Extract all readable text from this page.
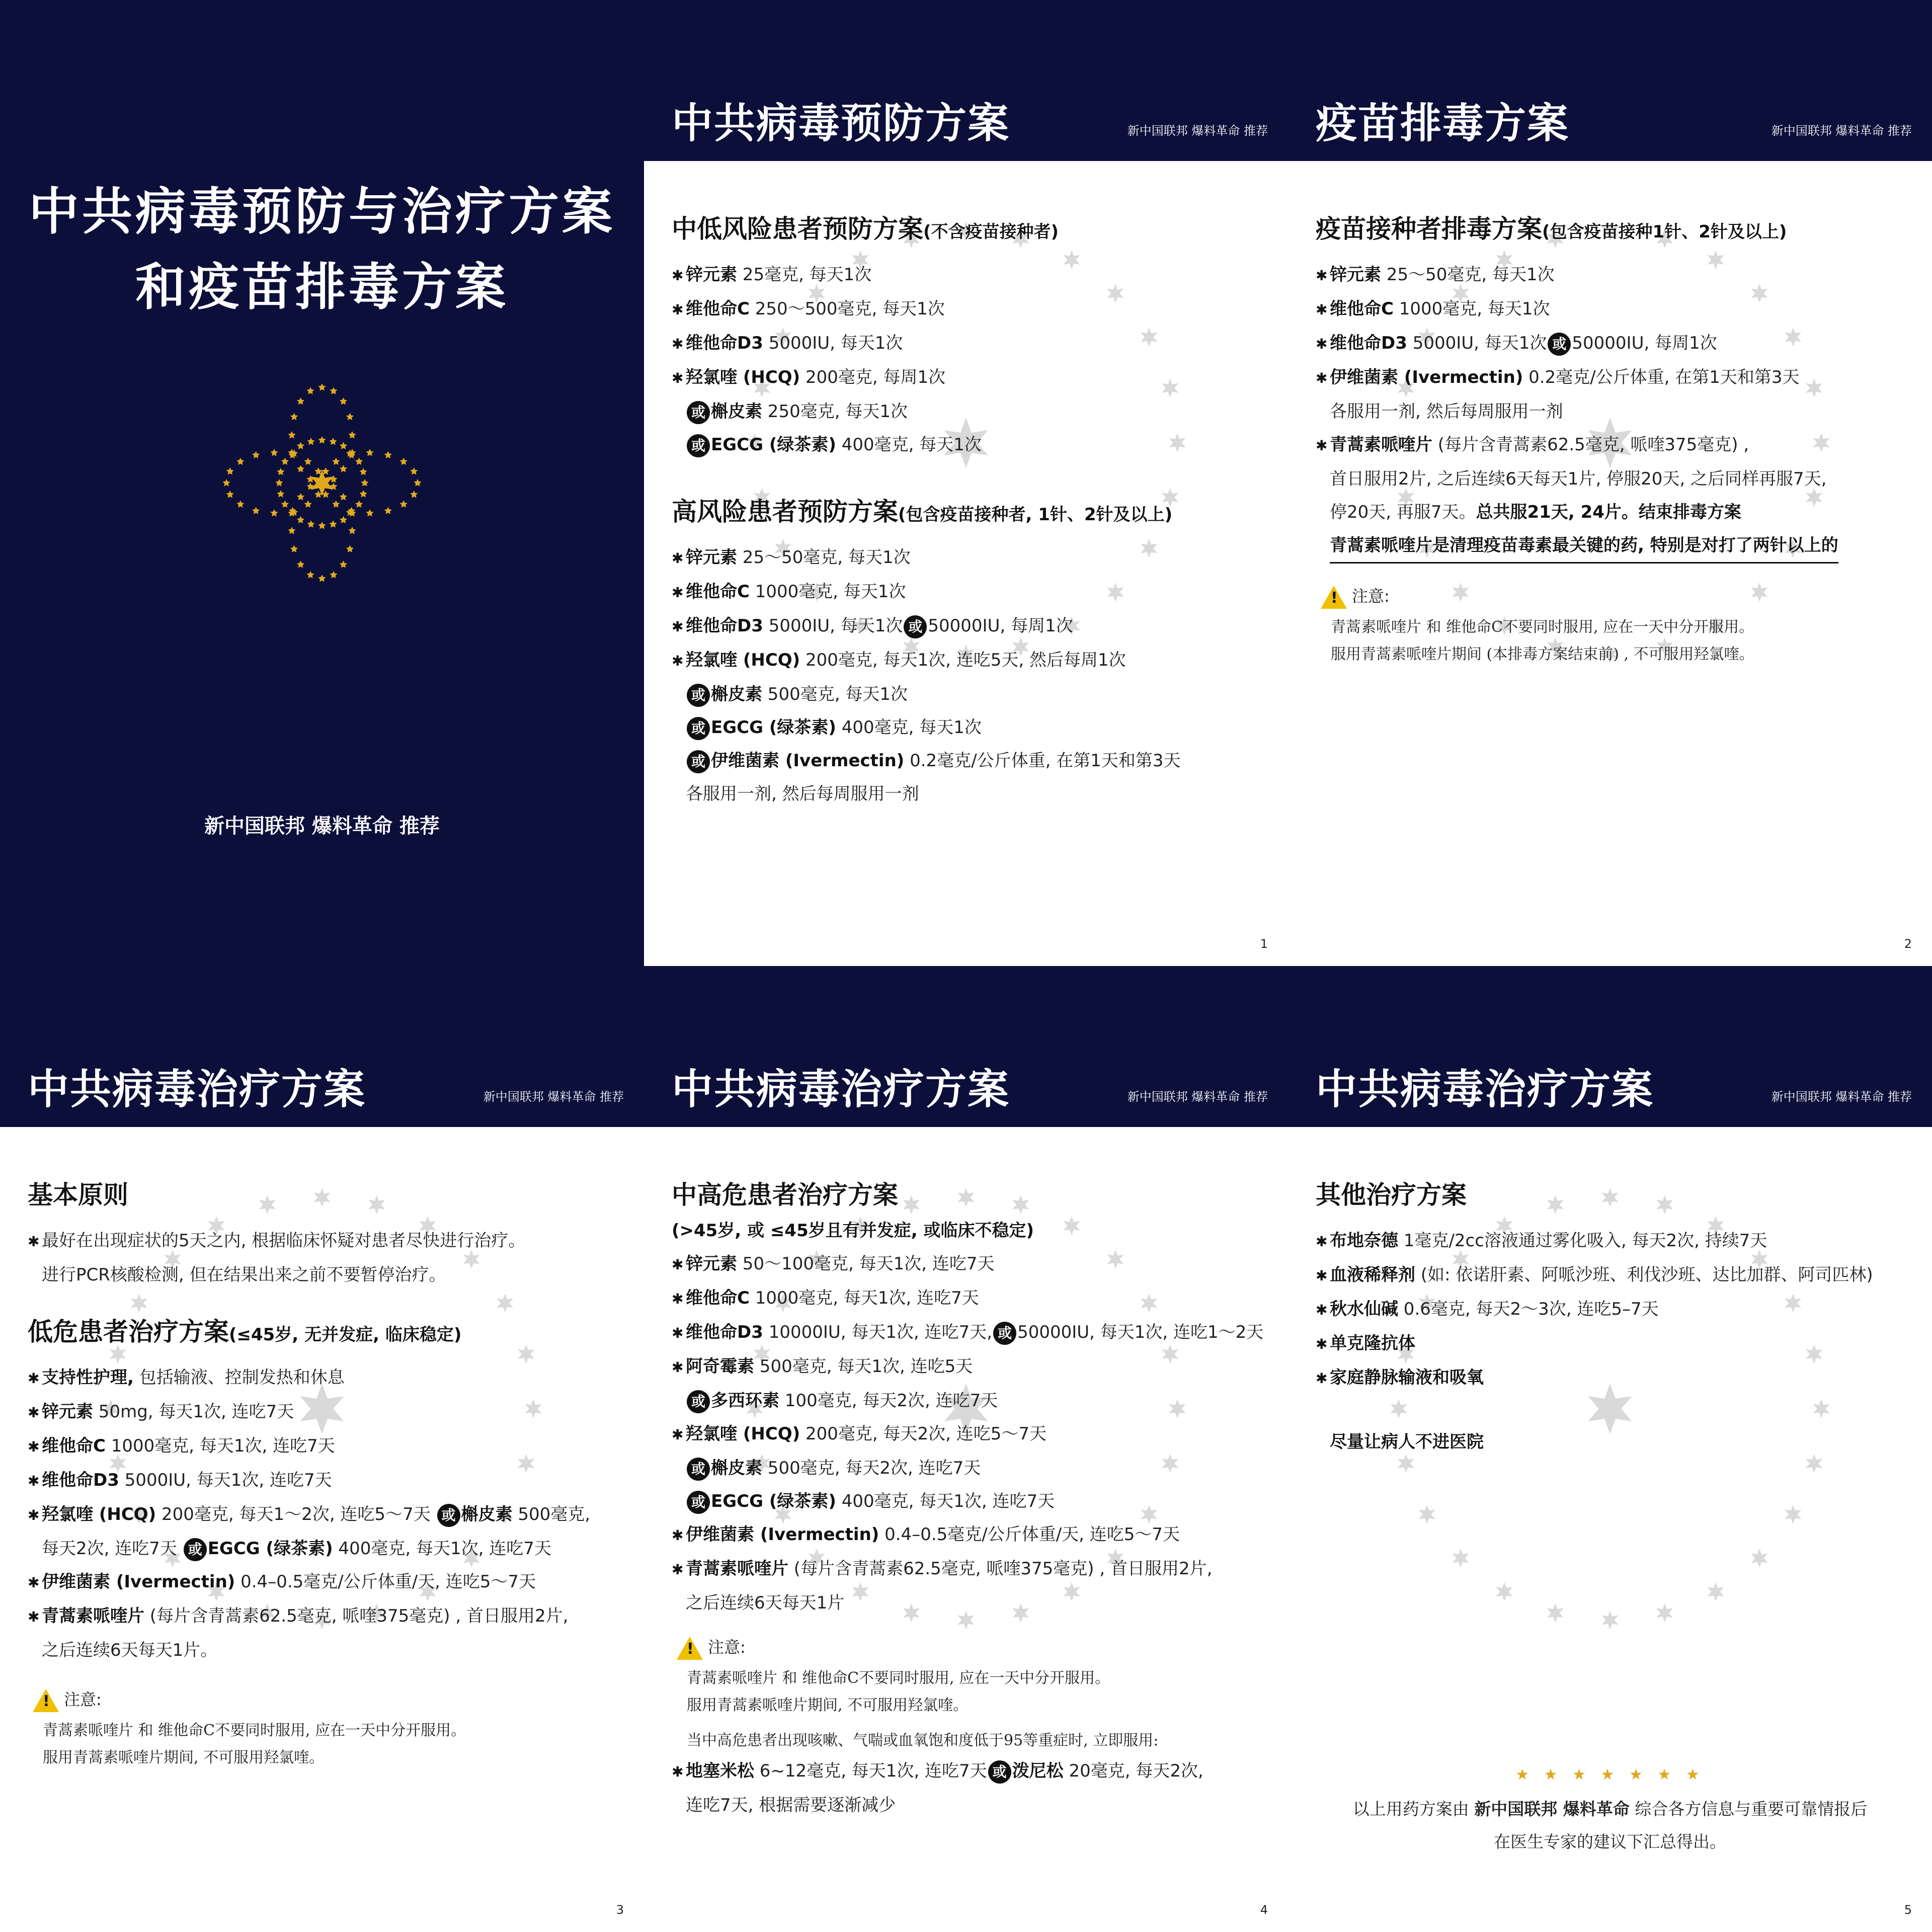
中共病毒预防与治疗方案
和疫苗排毒方案
新中国联邦 爆料革命 推荐
中共病毒预防方案	新中国联邦 爆料革命 推荐
中低风险患者预防方案(不含疫苗接种者)
✱ 锌元素 25毫克, 每天1次
✱ 维他命C 250～500毫克, 每天1次
✱ 维他命D3 5000IU, 每天1次
✱ 羟氯喹 (HCQ) 200毫克, 每周1次
或 槲皮素 250毫克, 每天1次
或 EGCG (绿茶素) 400毫克, 每天1次
高风险患者预防方案(包含疫苗接种者, 1针、2针及以上)
✱ 锌元素 25～50毫克, 每天1次
✱ 维他命C 1000毫克, 每天1次
✱ 维他命D3 5000IU, 每天1次 或 50000IU, 每周1次
✱ 羟氯喹 (HCQ) 200毫克, 每天1次, 连吃5天, 然后每周1次
或 槲皮素 500毫克, 每天1次
或 EGCG (绿茶素) 400毫克, 每天1次
或 伊维菌素 (Ivermectin) 0.2毫克/公斤体重, 在第1天和第3天
各服用一剂, 然后每周服用一剂
1
疫苗排毒方案	新中国联邦 爆料革命 推荐
疫苗接种者排毒方案(包含疫苗接种1针、2针及以上)
✱ 锌元素 25～50毫克, 每天1次
✱ 维他命C 1000毫克, 每天1次
✱ 维他命D3 5000IU, 每天1次 或 50000IU, 每周1次
✱ 伊维菌素 (Ivermectin) 0.2毫克/公斤体重, 在第1天和第3天
各服用一剂, 然后每周服用一剂
✱ 青蒿素哌喹片 (每片含青蒿素62.5毫克, 哌喹375毫克) ,
首日服用2片, 之后连续6天每天1片, 停服20天, 之后同样再服7天,
停20天, 再服7天。总共服21天, 24片。结束排毒方案
青蒿素哌喹片是清理疫苗毒素最关键的药, 特别是对打了两针以上的
! 注意:
青蒿素哌喹片 和 维他命C不要同时服用, 应在一天中分开服用。
服用青蒿素哌喹片期间 (本排毒方案结束前) , 不可服用羟氯喹。
2
中共病毒治疗方案	新中国联邦 爆料革命 推荐
基本原则
✱ 最好在出现症状的5天之内, 根据临床怀疑对患者尽快进行治疗。
进行PCR核酸检测, 但在结果出来之前不要暂停治疗。
低危患者治疗方案(≤45岁, 无并发症, 临床稳定)
✱ 支持性护理, 包括输液、控制发热和休息
✱ 锌元素 50mg, 每天1次, 连吃7天
✱ 维他命C 1000毫克, 每天1次, 连吃7天
✱ 维他命D3 5000IU, 每天1次, 连吃7天
✱ 羟氯喹 (HCQ) 200毫克, 每天1～2次, 连吃5～7天 或 槲皮素 500毫克,
每天2次, 连吃7天 或 EGCG (绿茶素) 400毫克, 每天1次, 连吃7天
✱ 伊维菌素 (Ivermectin) 0.4–0.5毫克/公斤体重/天, 连吃5～7天
✱ 青蒿素哌喹片 (每片含青蒿素62.5毫克, 哌喹375毫克) , 首日服用2片,
之后连续6天每天1片。
! 注意:
青蒿素哌喹片 和 维他命C不要同时服用, 应在一天中分开服用。
服用青蒿素哌喹片期间, 不可服用羟氯喹。
3
中共病毒治疗方案	新中国联邦 爆料革命 推荐
中高危患者治疗方案
(>45岁, 或 ≤45岁且有并发症, 或临床不稳定)
✱ 锌元素 50～100毫克, 每天1次, 连吃7天
✱ 维他命C 1000毫克, 每天1次, 连吃7天
✱ 维他命D3 10000IU, 每天1次, 连吃7天, 或 50000IU, 每天1次, 连吃1～2天
✱ 阿奇霉素 500毫克, 每天1次, 连吃5天
或 多西环素 100毫克, 每天2次, 连吃7天
✱ 羟氯喹 (HCQ) 200毫克, 每天2次, 连吃5～7天
或 槲皮素 500毫克, 每天2次, 连吃7天
或 EGCG (绿茶素) 400毫克, 每天1次, 连吃7天
✱ 伊维菌素 (Ivermectin) 0.4–0.5毫克/公斤体重/天, 连吃5～7天
✱ 青蒿素哌喹片 (每片含青蒿素62.5毫克, 哌喹375毫克) , 首日服用2片,
之后连续6天每天1片
! 注意:
青蒿素哌喹片 和 维他命C不要同时服用, 应在一天中分开服用。
服用青蒿素哌喹片期间, 不可服用羟氯喹。
当中高危患者出现咳嗽、气喘或血氧饱和度低于95等重症时, 立即服用:
✱ 地塞米松 6~12毫克, 每天1次, 连吃7天 或 泼尼松 20毫克, 每天2次,
连吃7天, 根据需要逐渐减少
4
中共病毒治疗方案	新中国联邦 爆料革命 推荐
其他治疗方案
✱ 布地奈德 1毫克/2cc溶液通过雾化吸入, 每天2次, 持续7天
✱ 血液稀释剂 (如: 依诺肝素、阿哌沙班、利伐沙班、达比加群、阿司匹林)
✱ 秋水仙碱 0.6毫克, 每天2～3次, 连吃5–7天
✱ 单克隆抗体
✱ 家庭静脉输液和吸氧
尽量让病人不进医院
★ ★ ★ ★ ★ ★ ★
以上用药方案由 新中国联邦 爆料革命 综合各方信息与重要可靠情报后
在医生专家的建议下汇总得出。
5
